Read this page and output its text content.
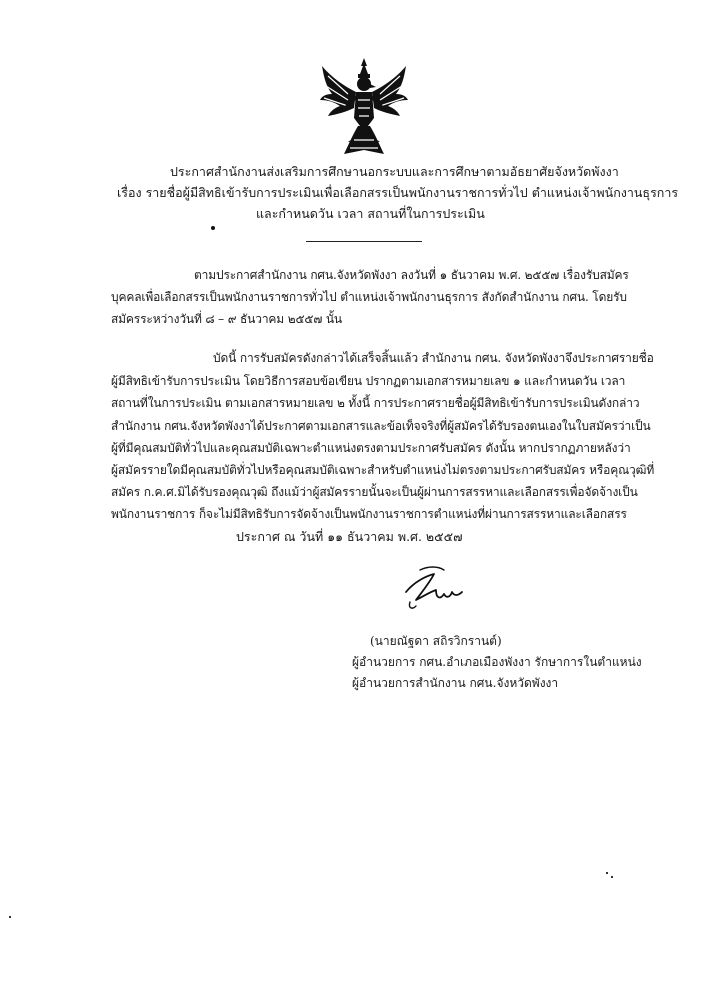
ประกาศสำนักงานส่งเสริมการศึกษานอกระบบและการศึกษาตามอัธยาศัยจังหวัดพังงา
เรื่อง รายชื่อผู้มีสิทธิเข้ารับการประเมินเพื่อเลือกสรรเป็นพนักงานราชการทั่วไป ตำแหน่งเจ้าพนักงานธุรการ
และกำหนดวัน เวลา สถานที่ในการประเมิน
ตามประกาศสำนักงาน กศน.จังหวัดพังงา ลงวันที่ ๑ ธันวาคม พ.ศ. ๒๕๕๗ เรื่องรับสมัคร
บุคคลเพื่อเลือกสรรเป็นพนักงานราชการทั่วไป ตำแหน่งเจ้าพนักงานธุรการ สังกัดสำนักงาน กศน. โดยรับ
สมัครระหว่างวันที่ ๘ – ๙ ธันวาคม ๒๕๕๗ นั้น
บัดนี้ การรับสมัครดังกล่าวได้เสร็จสิ้นแล้ว สำนักงาน กศน. จังหวัดพังงาจึงประกาศรายชื่อ
ผู้มีสิทธิเข้ารับการประเมิน โดยวิธีการสอบข้อเขียน ปรากฏตามเอกสารหมายเลข ๑ และกำหนดวัน เวลา
สถานที่ในการประเมิน ตามเอกสารหมายเลข ๒ ทั้งนี้ การประกาศรายชื่อผู้มีสิทธิเข้ารับการประเมินดังกล่าว
สำนักงาน กศน.จังหวัดพังงาได้ประกาศตามเอกสารและข้อเท็จจริงที่ผู้สมัครได้รับรองตนเองในใบสมัครว่าเป็น
ผู้ที่มีคุณสมบัติทั่วไปและคุณสมบัติเฉพาะตำแหน่งตรงตามประกาศรับสมัคร ดังนั้น หากปรากฏภายหลังว่า
ผู้สมัครรายใดมีคุณสมบัติทั่วไปหรือคุณสมบัติเฉพาะสำหรับตำแหน่งไม่ตรงตามประกาศรับสมัคร หรือคุณวุฒิที่
สมัคร ก.ค.ศ.มิได้รับรองคุณวุฒิ ถึงแม้ว่าผู้สมัครรายนั้นจะเป็นผู้ผ่านการสรรหาและเลือกสรรเพื่อจัดจ้างเป็น
พนักงานราชการ ก็จะไม่มีสิทธิรับการจัดจ้างเป็นพนักงานราชการตำแหน่งที่ผ่านการสรรหาและเลือกสรร
ประกาศ ณ วันที่ ๑๑ ธันวาคม พ.ศ. ๒๕๕๗
(นายณัฐดา สถิรวิกรานต์)
ผู้อำนวยการ กศน.อำเภอเมืองพังงา รักษาการในตำแหน่ง
ผู้อำนวยการสำนักงาน กศน.จังหวัดพังงา
